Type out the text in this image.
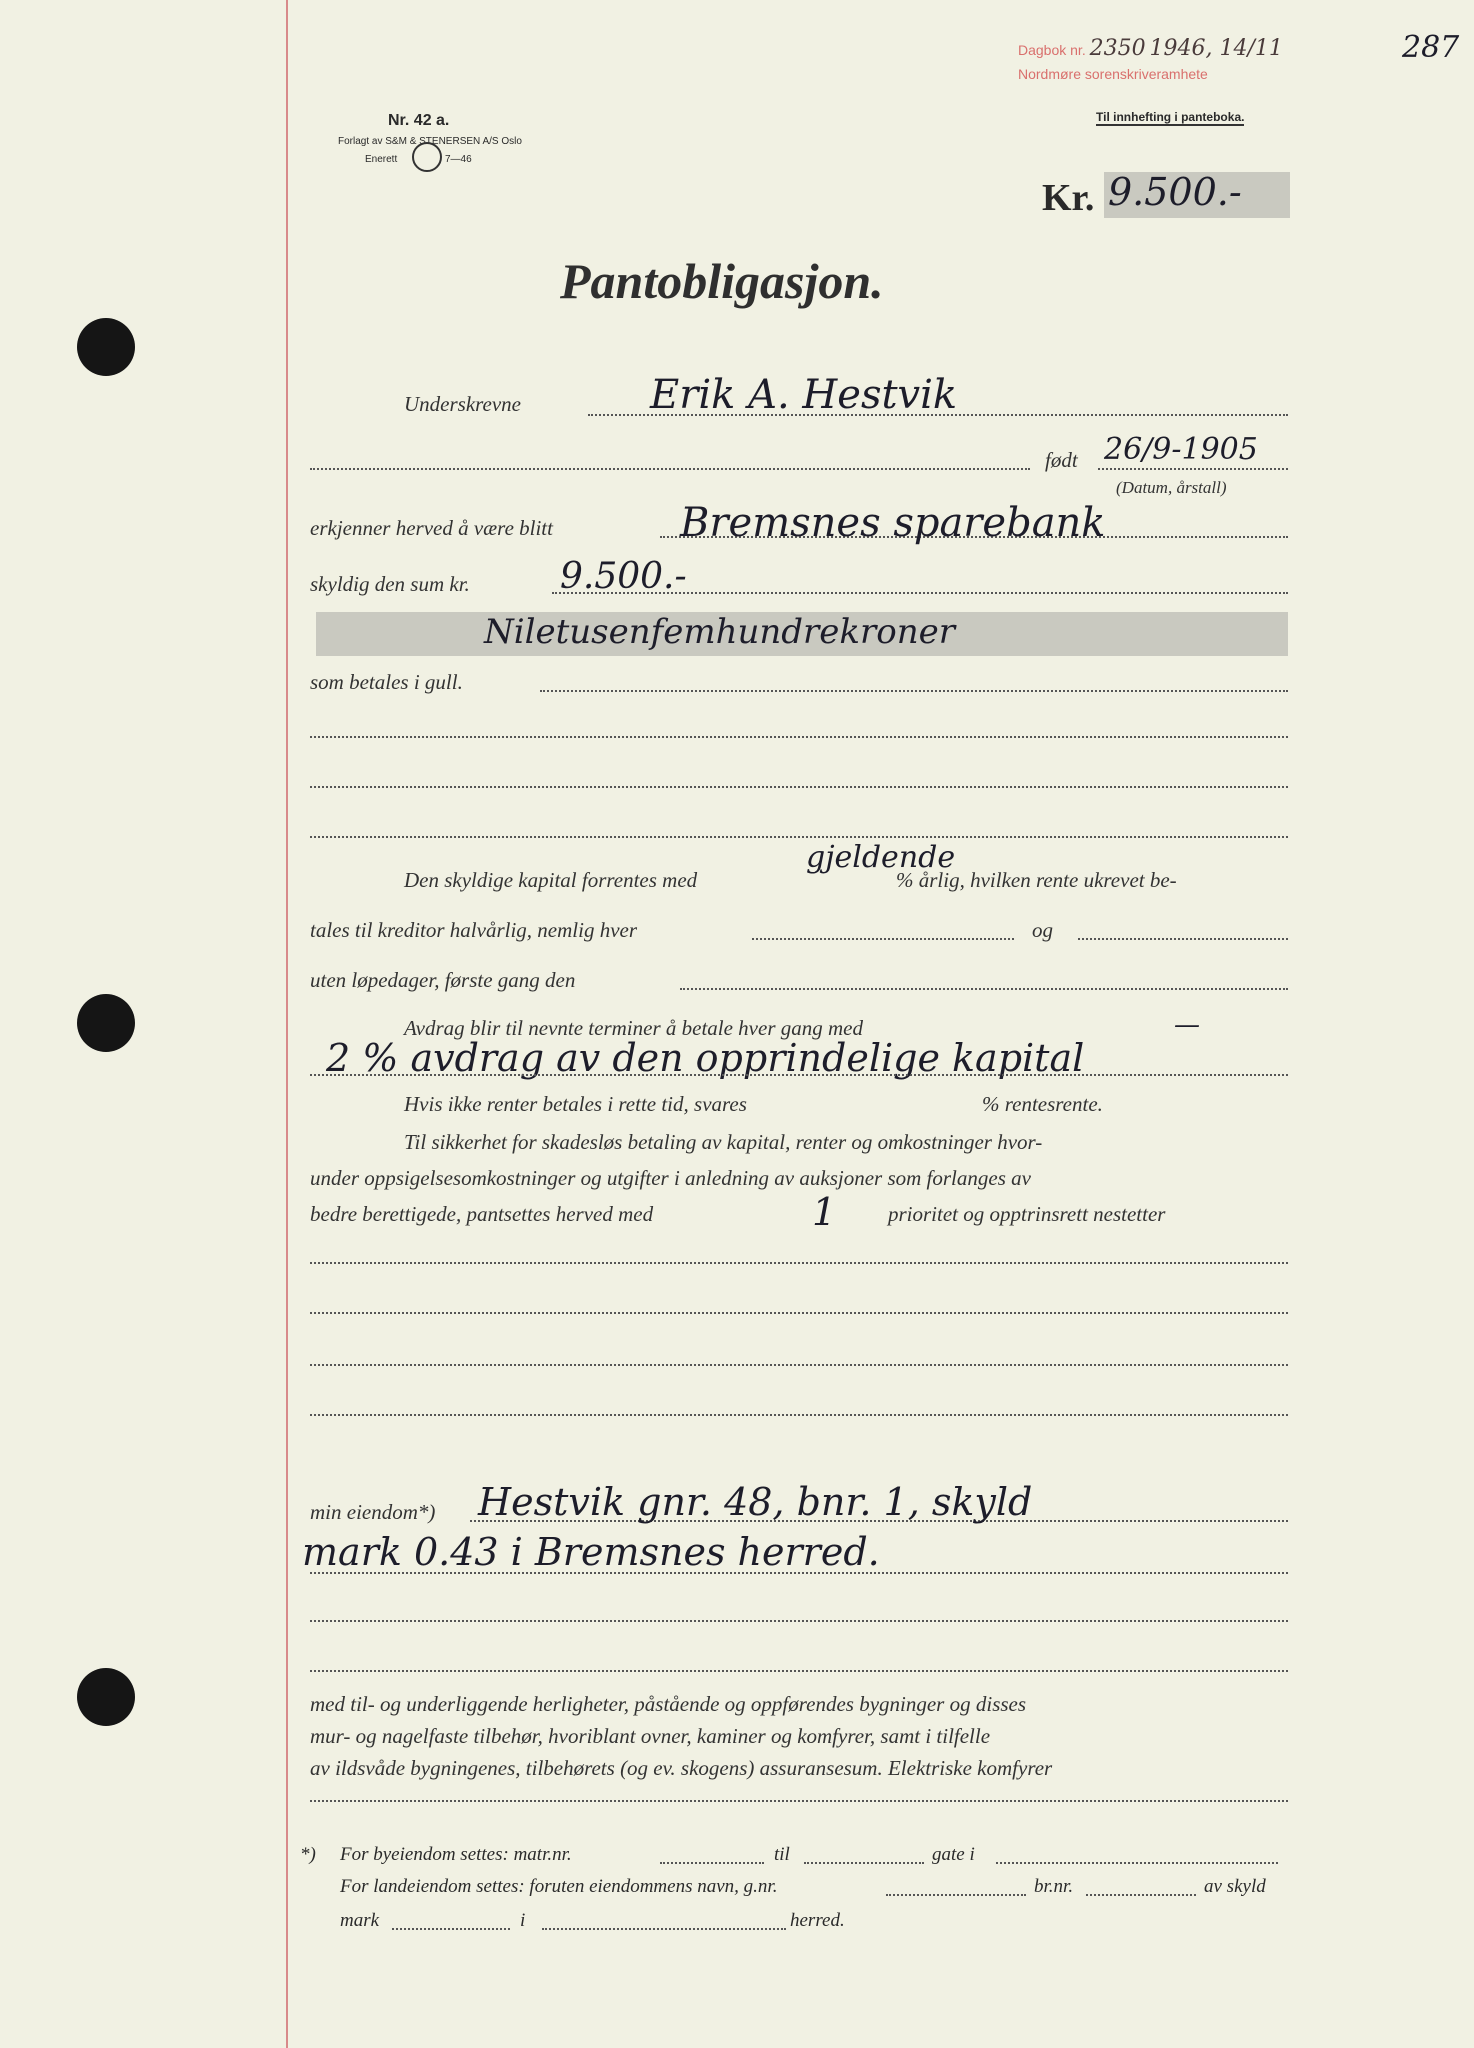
Dagbok nr. 2350 1946, 14/11
Nordmøre sorenskriveramhete
287
Nr. 42 a.
Forlagt av S&M & STENERSEN A/S Oslo
Enerett	7—46
Til innhefting i panteboka.
Kr. 9.500.-
Pantobligasjon.
Underskrevne	Erik A. Hestvik
født 26/9-1905
(Datum, årstall)
erkjenner herved å være blitt	Bremsnes sparebank
skyldig den sum kr.	9.500.-
Niletusenfemhundrekroner
som betales i gull.
Den skyldige kapital forrentes med
gjeldende
% årlig, hvilken rente ukrevet be-
tales til kreditor halvårlig, nemlig hver	og
uten løpedager, første gang den
Avdrag blir til nevnte terminer å betale hver gang med	—
2 % avdrag av den opprindelige kapital
Hvis ikke renter betales i rette tid, svares	% rentesrente.
Til sikkerhet for skadesløs betaling av kapital, renter og omkostninger hvor-
under oppsigelsesomkostninger og utgifter i anledning av auksjoner som forlanges av
bedre berettigede, pantsettes herved med	1 prioritet og opptrinsrett nestetter
min eiendom*) Hestvik gnr. 48, bnr. 1, skyld
mark 0.43 i Bremsnes herred.
med til- og underliggende herligheter, påstående og oppførendes bygninger og disses
mur- og nagelfaste tilbehør, hvoriblant ovner, kaminer og komfyrer, samt i tilfelle
av ildsvåde bygningenes, tilbehørets (og ev. skogens) assuransesum. Elektriske komfyrer
*) For byeiendom settes: matr.nr.	til	gate i
For landeiendom settes: foruten eiendommens navn, g.nr.	br.nr.	av skyld
mark	i	herred.
